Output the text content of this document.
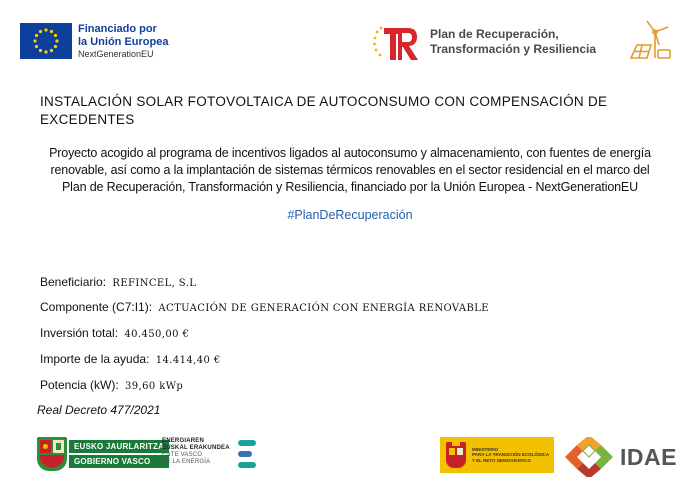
Financiado por
la Unión Europea
NextGenerationEU
Plan de Recuperación,
Transformación y Resiliencia
INSTALACIÓN SOLAR FOTOVOLTAICA DE AUTOCONSUMO CON COMPENSACIÓN DE EXCEDENTES
Proyecto acogido al programa de incentivos ligados al autoconsumo y almacenamiento, con fuentes de energía renovable, así como a la implantación de sistemas térmicos renovables en el sector residencial en el marco del Plan de Recuperación, Transformación y Resiliencia, financiado por la Unión Europea - NextGenerationEU
#PlanDeRecuperación
Beneficiario: REFINCEL, S.L
Componente (C7:I1): ACTUACIÓN DE GENERACIÓN CON ENERGÍA RENOVABLE
Inversión total: 40.450,00 €
Importe de la ayuda: 14.414,40 €
Potencia (kW): 39,60 kWp
Real Decreto 477/2021
EUSKO JAURLARITZA
GOBIERNO VASCO
ENERGIAREN
EUSKAL ERAKUNDEA
ENTE VASCO
DE LA ENERGÍA
MINISTERIO
PARA LA TRANSICIÓN ECOLÓGICA
Y EL RETO DEMOGRÁFICO	IDAE
